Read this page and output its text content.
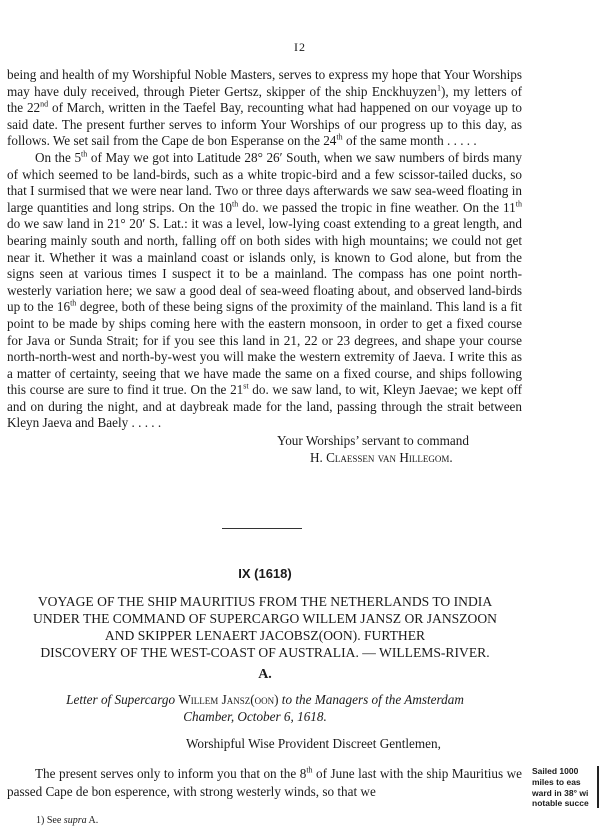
I2

being and health of my Worshipful Noble Masters, serves to express my hope that Your Worships may have duly received, through Pieter Gertsz, skipper of the ship Enckhuyzen$^1$), my letters of the 22nd of March, written in the Taefel Bay, recounting what had happened on our voyage up to said date. The present further serves to inform Your Worships of our progress up to this day, as follows. We set sail from the Cape de bon Esperanse on the 24th of the same month . . . . .

On the 5th of May we got into Latitude 28° 26′ South, when we saw numbers of birds many of which seemed to be land-birds, such as a white tropic-bird and a few scissor-tailed ducks, so that I surmised that we were near land. Two or three days afterwards we saw sea-weed floating in large quantities and long strips. On the 10th do. we passed the tropic in fine weather. On the 11th do we saw land in 21° 20′ S. Lat.: it was a level, low-lying coast extending to a great length, and bearing mainly south and north, falling off on both sides with high mountains; we could not get near it. Whether it was a mainland coast or islands only, is known to God alone, but from the signs seen at various times I suspect it to be a mainland. The compass has one point north-westerly variation here; we saw a good deal of sea-weed floating about, and observed land-birds up to the 16th degree, both of these being signs of the proximity of the mainland. This land is a fit point to be made by ships coming here with the eastern monsoon, in order to get a fixed course for Java or Sunda Strait; for if you see this land in 21, 22 or 23 degrees, and shape your course north-north-west and north-by-west you will make the western extremity of Jaeva. I write this as a matter of certainty, seeing that we have made the same on a fixed course, and ships following this course are sure to find it true. On the 21st do. we saw land, to wit, Kleyn Jaevae; we kept off and on during the night, and at daybreak made for the land, passing through the strait between Kleyn Jaeva and Baely . . . . .

Your Worships’ servant to command
H. Claessen van Hillegom.
IX (1618)
VOYAGE OF THE SHIP MAURITIUS FROM THE NETHERLANDS TO INDIA
UNDER THE COMMAND OF SUPERCARGO WILLEM JANSZ OR JANSZOON
AND SKIPPER LENAERT JACOBSZ(OON). FURTHER
DISCOVERY OF THE WEST-COAST OF AUSTRALIA. — WILLEMS-RIVER.
A.
Letter of Supercargo Willem Jansz(oon) to the Managers of the Amsterdam
Chamber, October 6, 1618.
Worshipful Wise Provident Discreet Gentlemen,

The present serves only to inform you that on the 8th of June last with the ship Mauritius we passed Cape de bon esperence, with strong westerly winds, so that we

Sailed 1000
miles to eas
ward in 38° wi
notable succe
1) See supra A.
